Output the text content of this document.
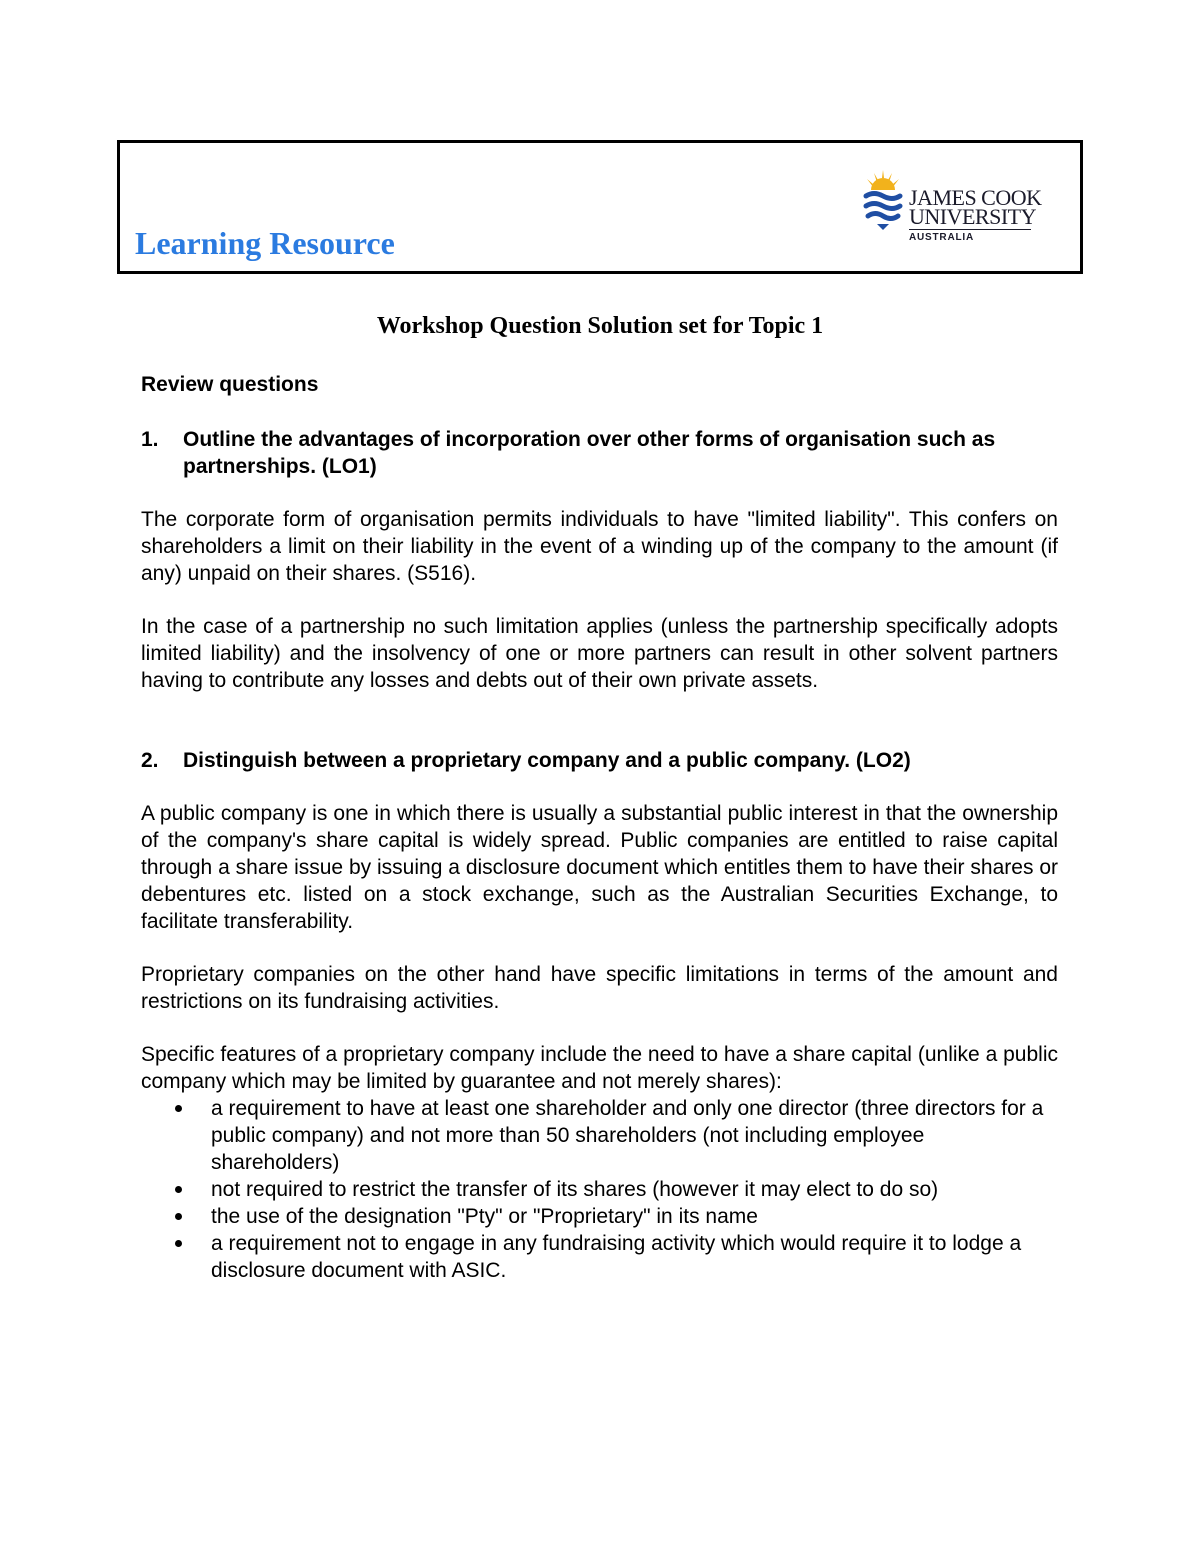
Learning Resource
JAMES COOK
UNIVERSITY
AUSTRALIA
Workshop Question Solution set for Topic 1

Review questions

1.	Outline the advantages of incorporation over other forms of organisation such as partnerships. (LO1)

The corporate form of organisation permits individuals to have "limited liability". This confers on shareholders a limit on their liability in the event of a winding up of the company to the amount (if any) unpaid on their shares. (S516).

In the case of a partnership no such limitation applies (unless the partnership specifically adopts limited liability) and the insolvency of one or more partners can result in other solvent partners having to contribute any losses and debts out of their own private assets.

2.	Distinguish between a proprietary company and a public company. (LO2)

A public company is one in which there is usually a substantial public interest in that the ownership of the company's share capital is widely spread. Public companies are entitled to raise capital through a share issue by issuing a disclosure document which entitles them to have their shares or debentures etc. listed on a stock exchange, such as the Australian Securities Exchange, to facilitate transferability.

Proprietary companies on the other hand have specific limitations in terms of the amount and restrictions on its fundraising activities.

Specific features of a proprietary company include the need to have a share capital (unlike a public company which may be limited by guarantee and not merely shares):

a requirement to have at least one shareholder and only one director (three directors for a public company) and not more than 50 shareholders (not including employee shareholders)
not required to restrict the transfer of its shares (however it may elect to do so)
the use of the designation "Pty" or "Proprietary" in its name
a requirement not to engage in any fundraising activity which would require it to lodge a disclosure document with ASIC.
